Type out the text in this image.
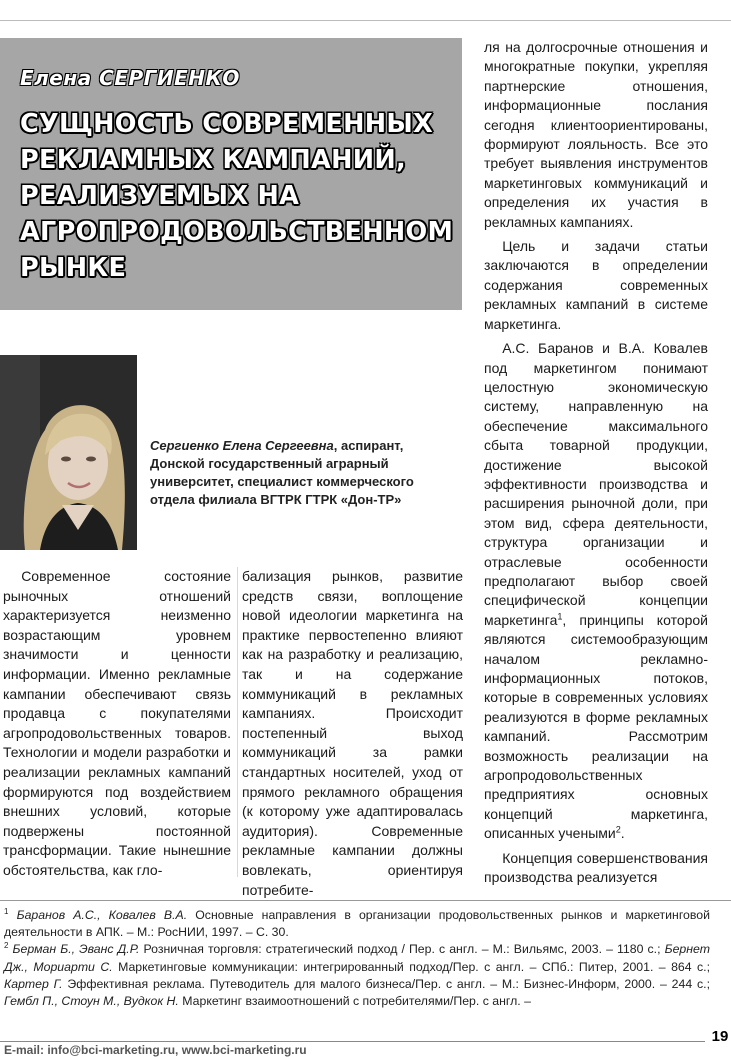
Елена СЕРГИЕНКО
СУЩНОСТЬ СОВРЕМЕННЫХ
РЕКЛАМНЫХ КАМПАНИЙ,
РЕАЛИЗУЕМЫХ НА
АГРОПРОДОВОЛЬСТВЕННОМ
РЫНКЕ
Сергиенко Елена Сергеевна, аспирант, Донской государственный аграрный университет, специалист коммерческого отдела филиала ВГТРК ГТРК «Дон-ТР»

Современное состояние рыночных отношений характеризуется неизменно возрастающим уровнем значимости и ценности информации. Именно рекламные кампании обеспечивают связь продавца с покупателями агропродовольственных товаров. Технологии и модели разработки и реализации рекламных кампаний формируются под воздействием внешних условий, которые подвержены постоянной трансформации. Такие нынешние обстоятельства, как гло-

бализация рынков, развитие средств связи, воплощение новой идеологии маркетинга на практике первостепенно влияют как на разработку и реализацию, так и на содержание коммуникаций в рекламных кампаниях. Происходит постепенный выход коммуникаций за рамки стандартных носителей, уход от прямого рекламного обращения (к которому уже адаптировалась аудитория). Современные рекламные кампании должны вовлекать, ориентируя потребите-

ля на долгосрочные отношения и многократные покупки, укрепляя партнерские отношения, информационные послания сегодня клиентоориентированы, формируют лояльность. Все это требует выявления инструментов маркетинговых коммуникаций и определения их участия в рекламных кампаниях.

Цель и задачи статьи заключаются в определении содержания современных рекламных кампаний в системе маркетинга.

А.С. Баранов и В.А. Ковалев под маркетингом понимают целостную экономическую систему, направленную на обеспечение максимального сбыта товарной продукции, достижение высокой эффективности производства и расширения рыночной доли, при этом вид, сфера деятельности, структура организации и отраслевые особенности предполагают выбор своей специфической концепции маркетинга$^1$, принципы которой являются системообразующим началом рекламно-информационных потоков, которые в современных условиях реализуются в форме рекламных кампаний. Рассмотрим возможность реализации на агропродовольственных предприятиях основных концепций маркетинга, описанных учеными$^2$.

Концепция совершенствования производства реализуется

$^1$ Баранов А.С., Ковалев В.А. Основные направления в организации продовольственных рынков и маркетинговой деятельности в АПК. – М.: РосНИИ, 1997. – С. 30.

$^2$ Берман Б., Эванс Д.Р. Розничная торговля: стратегический подход / Пер. с англ. – М.: Вильямс, 2003. – 1180 с.; Бернет Дж., Мориарти С. Маркетинговые коммуникации: интегрированный подход/Пер. с англ. – СПб.: Питер, 2001. – 864 с.; Картер Г. Эффективная реклама. Путеводитель для малого бизнеса/Пер. с англ. – М.: Бизнес-Информ, 2000. – 244 с.; Гембл П., Стоун М., Вудкок Н. Маркетинг взаимоотношений с потребителями/Пер. с англ. –

E-mail: info@bci-marketing.ru, www.bci-marketing.ru
19
